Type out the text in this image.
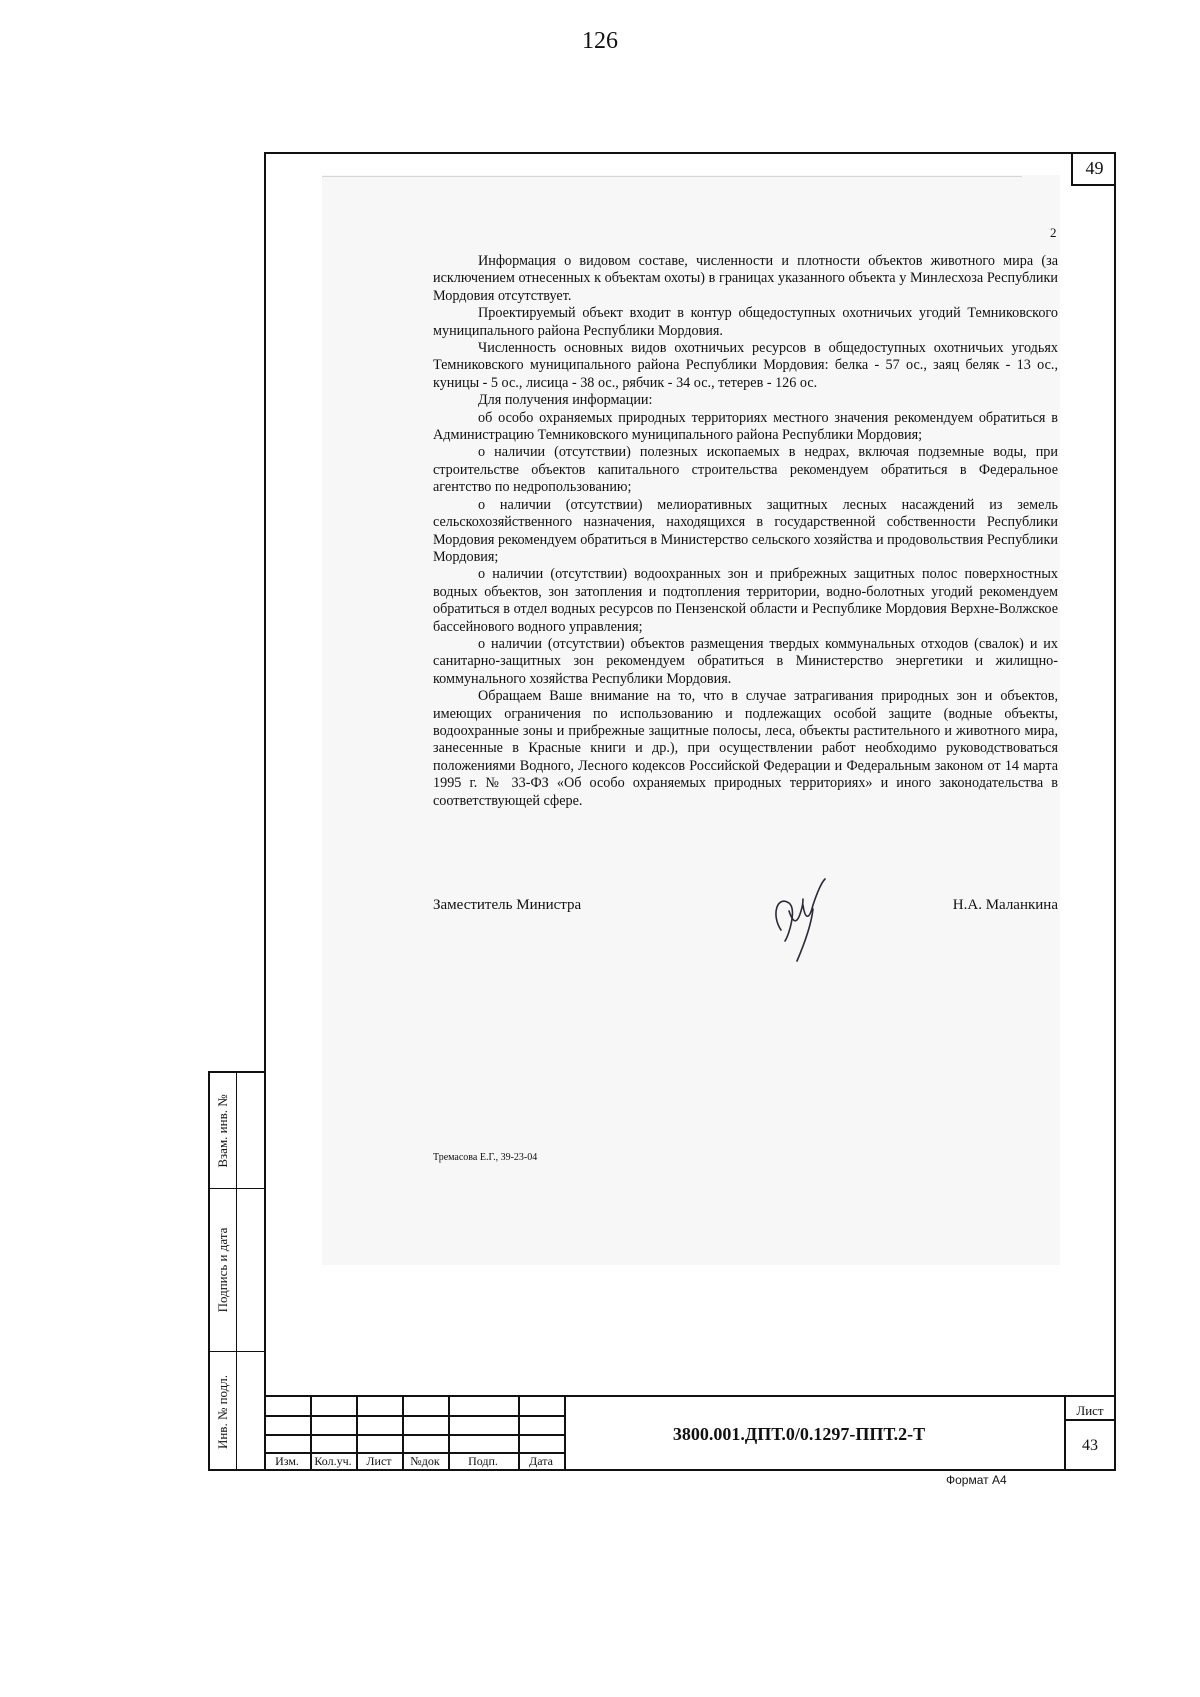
126
49
2

Информация о видовом составе, численности и плотности объектов животного мира (за исключением отнесенных к объектам охоты) в границах указанного объекта у Минлесхоза Республики Мордовия отсутствует.

Проектируемый объект входит в контур общедоступных охотничьих угодий Темниковского муниципального района Республики Мордовия.

Численность основных видов охотничьих ресурсов в общедоступных охотничьих угодьях Темниковского муниципального района Республики Мордовия: белка - 57 ос., заяц беляк - 13 ос., куницы - 5 ос., лисица - 38 ос., рябчик - 34 ос., тетерев - 126 ос.

Для получения информации:

об особо охраняемых природных территориях местного значения рекомендуем обратиться в Администрацию Темниковского муниципального района Республики Мордовия;

о наличии (отсутствии) полезных ископаемых в недрах, включая подземные воды, при строительстве объектов капитального строительства рекомендуем обратиться в Федеральное агентство по недропользованию;

о наличии (отсутствии) мелиоративных защитных лесных насаждений из земель сельскохозяйственного назначения, находящихся в государственной собственности Республики Мордовия рекомендуем обратиться в Министерство сельского хозяйства и продовольствия Республики Мордовия;

о наличии (отсутствии) водоохранных зон и прибрежных защитных полос поверхностных водных объектов, зон затопления и подтопления территории, водно-болотных угодий рекомендуем обратиться в отдел водных ресурсов по Пензенской области и Республике Мордовия Верхне-Волжское бассейнового водного управления;

о наличии (отсутствии) объектов размещения твердых коммунальных отходов (свалок) и их санитарно-защитных зон рекомендуем обратиться в Министерство энергетики и жилищно-коммунального хозяйства Республики Мордовия.

Обращаем Ваше внимание на то, что в случае затрагивания природных зон и объектов, имеющих ограничения по использованию и подлежащих особой защите (водные объекты, водоохранные зоны и прибрежные защитные полосы, леса, объекты растительного и животного мира, занесенные в Красные книги и др.), при осуществлении работ необходимо руководствоваться положениями Водного, Лесного кодексов Российской Федерации и Федеральным законом от 14 марта 1995 г. № 33-ФЗ «Об особо охраняемых природных территориях» и иного законодательства в соответствующей сфере.

Заместитель Министра	Н.А. Маланкина
Тремасова Е.Г., 39-23-04
Взам. инв. №
Подпись и дата
Инв. № подл.
Изм.	Кол.уч.	Лист	№док	Подп.	Дата
3800.001.ДПТ.0/0.1297-ППТ.2-Т
Лист
43
Формат А4
